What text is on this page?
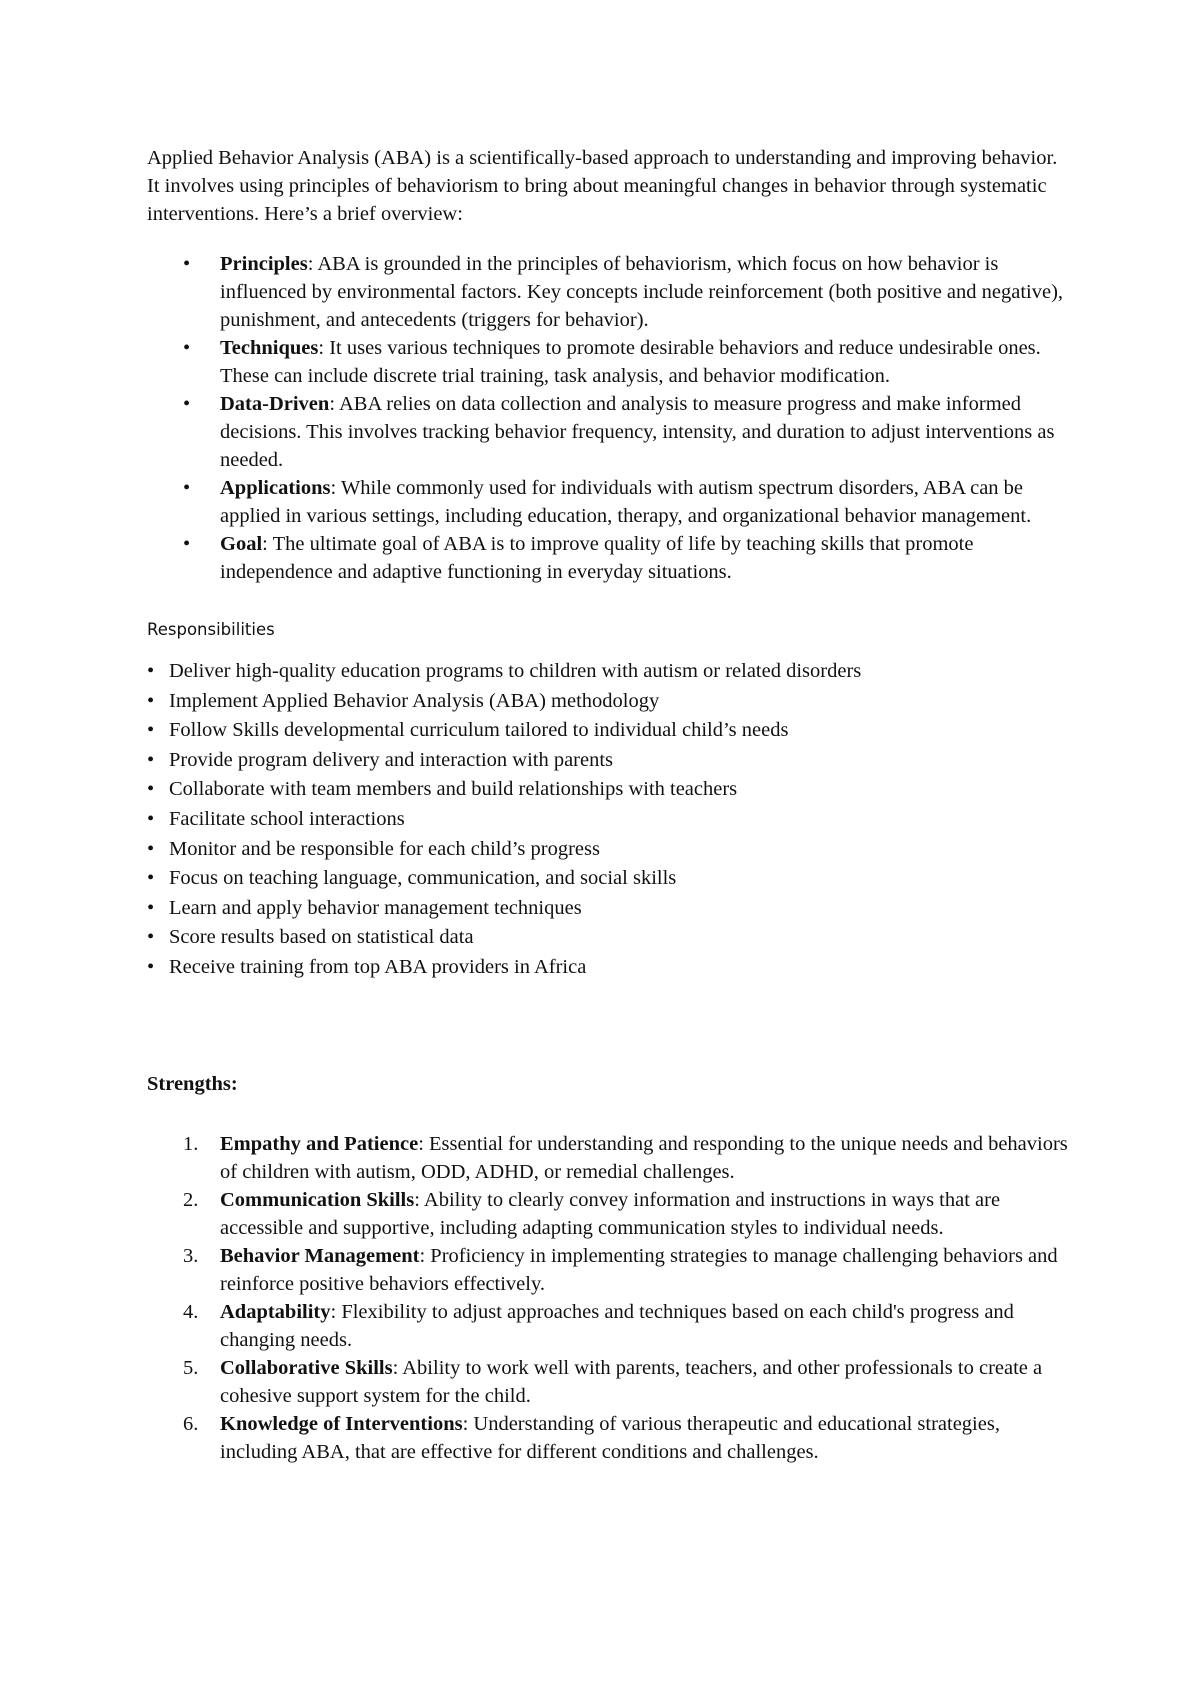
Applied Behavior Analysis (ABA) is a scientifically-based approach to understanding and improving behavior. It involves using principles of behaviorism to bring about meaningful changes in behavior through systematic interventions. Here’s a brief overview:

• Principles: ABA is grounded in the principles of behaviorism, which focus on how behavior is influenced by environmental factors. Key concepts include reinforcement (both positive and negative), punishment, and antecedents (triggers for behavior).
• Techniques: It uses various techniques to promote desirable behaviors and reduce undesirable ones. These can include discrete trial training, task analysis, and behavior modification.
• Data-Driven: ABA relies on data collection and analysis to measure progress and make informed decisions. This involves tracking behavior frequency, intensity, and duration to adjust interventions as needed.
• Applications: While commonly used for individuals with autism spectrum disorders, ABA can be applied in various settings, including education, therapy, and organizational behavior management.
• Goal: The ultimate goal of ABA is to improve quality of life by teaching skills that promote independence and adaptive functioning in everyday situations.
Responsibilities
• Deliver high-quality education programs to children with autism or related disorders
• Implement Applied Behavior Analysis (ABA) methodology
• Follow Skills developmental curriculum tailored to individual child’s needs
• Provide program delivery and interaction with parents
• Collaborate with team members and build relationships with teachers
• Facilitate school interactions
• Monitor and be responsible for each child’s progress
• Focus on teaching language, communication, and social skills
• Learn and apply behavior management techniques
• Score results based on statistical data
• Receive training from top ABA providers in Africa
Strengths:
1. Empathy and Patience: Essential for understanding and responding to the unique needs and behaviors of children with autism, ODD, ADHD, or remedial challenges.
2. Communication Skills: Ability to clearly convey information and instructions in ways that are accessible and supportive, including adapting communication styles to individual needs.
3. Behavior Management: Proficiency in implementing strategies to manage challenging behaviors and reinforce positive behaviors effectively.
4. Adaptability: Flexibility to adjust approaches and techniques based on each child's progress and changing needs.
5. Collaborative Skills: Ability to work well with parents, teachers, and other professionals to create a cohesive support system for the child.
6. Knowledge of Interventions: Understanding of various therapeutic and educational strategies, including ABA, that are effective for different conditions and challenges.
